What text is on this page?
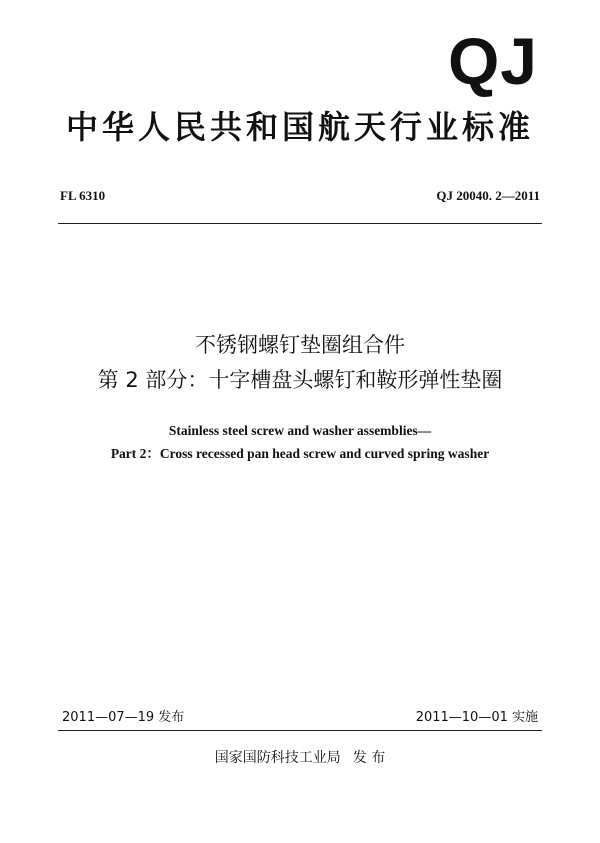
QJ
中华人民共和国航天行业标准
FL 6310	QJ 20040. 2—2011
不锈钢螺钉垫圈组合件
第 2 部分：十字槽盘头螺钉和鞍形弹性垫圈
Stainless steel screw and washer assemblies—
Part 2：Cross recessed pan head screw and curved spring washer
2011—07—19 发布	2011—10—01 实施
国家国防科技工业局 发 布
